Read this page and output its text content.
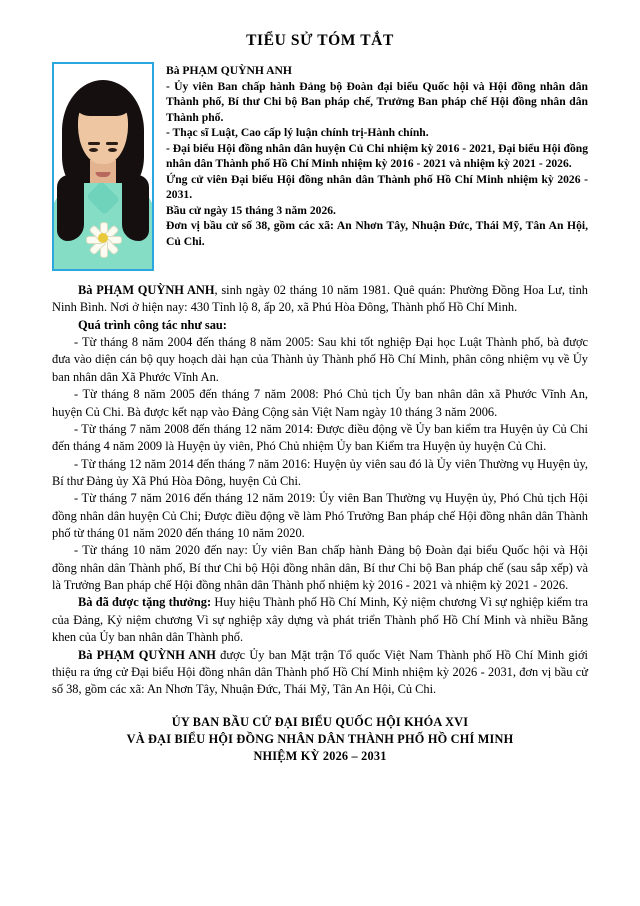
TIỂU SỬ TÓM TẮT

Bà PHẠM QUỲNH ANH

- Ủy viên Ban chấp hành Đảng bộ Đoàn đại biểu Quốc hội và Hội đồng nhân dân Thành phố, Bí thư Chi bộ Ban pháp chế, Trưởng Ban pháp chế Hội đồng nhân dân Thành phố.

- Thạc sĩ Luật, Cao cấp lý luận chính trị-Hành chính.

- Đại biểu Hội đồng nhân dân huyện Củ Chi nhiệm kỳ 2016 - 2021, Đại biểu Hội đồng nhân dân Thành phố Hồ Chí Minh nhiệm kỳ 2016 - 2021 và nhiệm kỳ 2021 - 2026.

Ứng cử viên Đại biểu Hội đồng nhân dân Thành phố Hồ Chí Minh nhiệm kỳ 2026 - 2031.

Bầu cử ngày 15 tháng 3 năm 2026.

Đơn vị bầu cử số 38, gồm các xã: An Nhơn Tây, Nhuận Đức, Thái Mỹ, Tân An Hội, Củ Chi.

Bà PHẠM QUỲNH ANH, sinh ngày 02 tháng 10 năm 1981. Quê quán: Phường Đồng Hoa Lư, tỉnh Ninh Bình. Nơi ở hiện nay: 430 Tỉnh lộ 8, ấp 20, xã Phú Hòa Đông, Thành phố Hồ Chí Minh.

Quá trình công tác như sau:

- Từ tháng 8 năm 2004 đến tháng 8 năm 2005: Sau khi tốt nghiệp Đại học Luật Thành phố, bà được đưa vào diện cán bộ quy hoạch dài hạn của Thành ủy Thành phố Hồ Chí Minh, phân công nhiệm vụ về Ủy ban nhân dân Xã Phước Vĩnh An.

- Từ tháng 8 năm 2005 đến tháng 7 năm 2008: Phó Chủ tịch Ủy ban nhân dân xã Phước Vĩnh An, huyện Củ Chi. Bà được kết nạp vào Đảng Cộng sản Việt Nam ngày 10 tháng 3 năm 2006.

- Từ tháng 7 năm 2008 đến tháng 12 năm 2014: Được điều động về Ủy ban kiểm tra Huyện ủy Củ Chi đến tháng 4 năm 2009 là Huyện ủy viên, Phó Chủ nhiệm Ủy ban Kiểm tra Huyện ủy huyện Củ Chi.

- Từ tháng 12 năm 2014 đến tháng 7 năm 2016: Huyện ủy viên sau đó là Ủy viên Thường vụ Huyện ủy, Bí thư Đảng ủy Xã Phú Hòa Đông, huyện Củ Chi.

- Từ tháng 7 năm 2016 đến tháng 12 năm 2019: Ủy viên Ban Thường vụ Huyện ủy, Phó Chủ tịch Hội đồng nhân dân huyện Củ Chi; Được điều động về làm Phó Trưởng Ban pháp chế Hội đồng nhân dân Thành phố từ tháng 01 năm 2020 đến tháng 10 năm 2020.

- Từ tháng 10 năm 2020 đến nay: Ủy viên Ban chấp hành Đảng bộ Đoàn đại biểu Quốc hội và Hội đồng nhân dân Thành phố, Bí thư Chi bộ Hội đồng nhân dân, Bí thư Chi bộ Ban pháp chế (sau sắp xếp) và là Trưởng Ban pháp chế Hội đồng nhân dân Thành phố nhiệm kỳ 2016 - 2021 và nhiệm kỳ 2021 - 2026.

Bà đã được tặng thưởng: Huy hiệu Thành phố Hồ Chí Minh, Kỷ niệm chương Vì sự nghiệp kiểm tra của Đảng, Kỷ niệm chương Vì sự nghiệp xây dựng và phát triển Thành phố Hồ Chí Minh và nhiều Bằng khen của Ủy ban nhân dân Thành phố.

Bà PHẠM QUỲNH ANH được Ủy ban Mặt trận Tổ quốc Việt Nam Thành phố Hồ Chí Minh giới thiệu ra ứng cử Đại biểu Hội đồng nhân dân Thành phố Hồ Chí Minh nhiệm kỳ 2026 - 2031, đơn vị bầu cử số 38, gồm các xã: An Nhơn Tây, Nhuận Đức, Thái Mỹ, Tân An Hội, Củ Chi.

ỦY BAN BẦU CỬ ĐẠI BIỂU QUỐC HỘI KHÓA XVI
VÀ ĐẠI BIỂU HỘI ĐỒNG NHÂN DÂN THÀNH PHỐ HỒ CHÍ MINH
NHIỆM KỲ 2026 – 2031
